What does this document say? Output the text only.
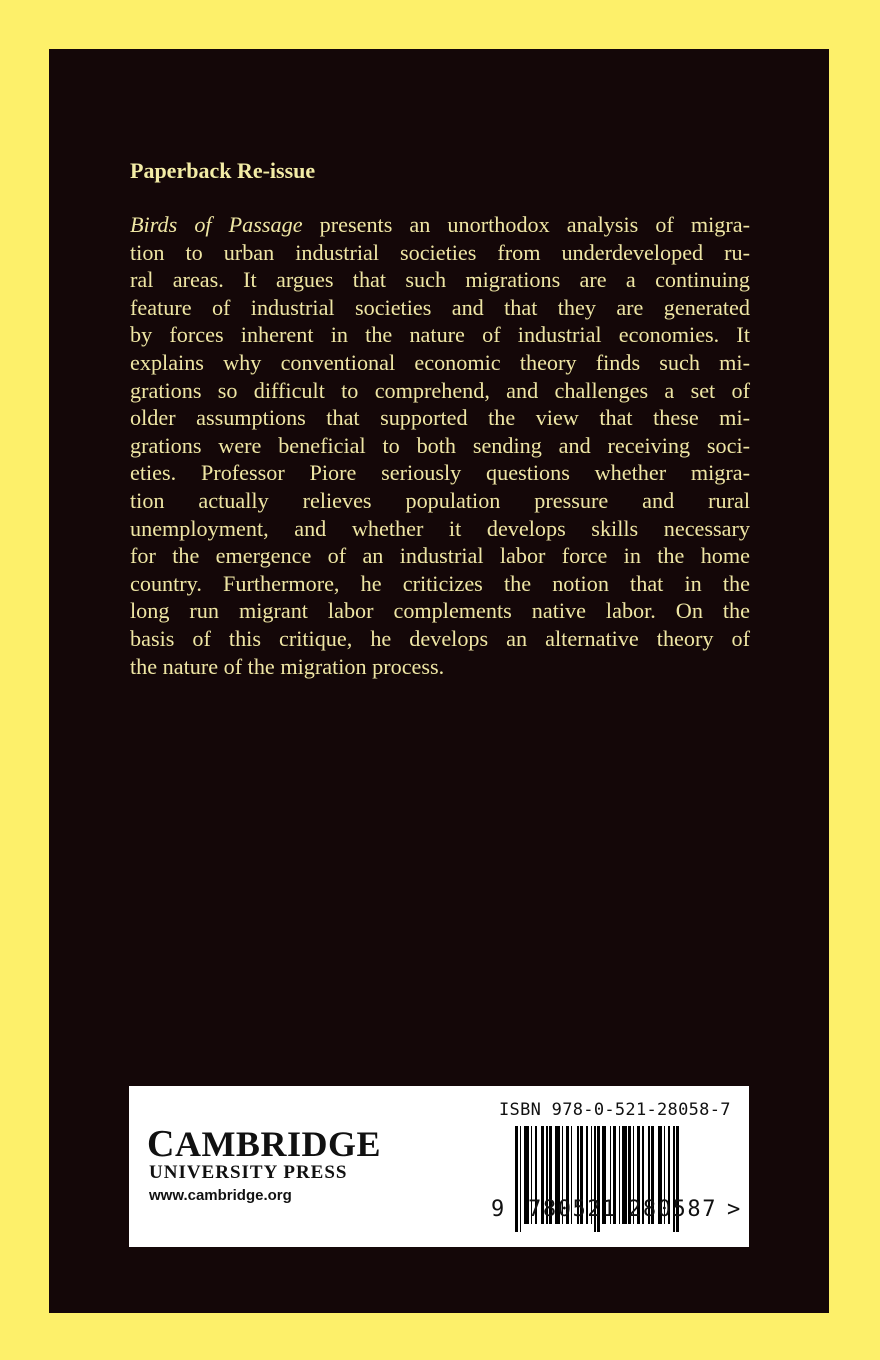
Paperback Re-issue
Birds of Passage presents an unorthodox analysis of migra-
tion to urban industrial societies from underdeveloped ru-
ral areas. It argues that such migrations are a continuing
feature of industrial societies and that they are generated
by forces inherent in the nature of industrial economies. It
explains why conventional economic theory finds such mi-
grations so difficult to comprehend, and challenges a set of
older assumptions that supported the view that these mi-
grations were beneficial to both sending and receiving soci-
eties. Professor Piore seriously questions whether migra-
tion actually relieves population pressure and rural
unemployment, and whether it develops skills necessary
for the emergence of an industrial labor force in the home
country. Furthermore, he criticizes the notion that in the
long run migrant labor complements native labor. On the
basis of this critique, he develops an alternative theory of
the nature of the migration process.
CAMBRIDGE
UNIVERSITY PRESS
www.cambridge.org
ISBN 978-0-521-28058-7
9 780521 280587 >
